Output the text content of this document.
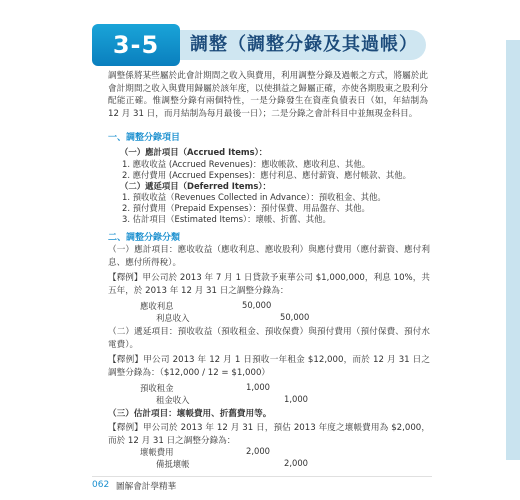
3-5	調整（調整分錄及其過帳）
調整係將某些屬於此會計期間之收入與費用，利用調整分錄及過帳之方式，將屬於此會計期間之收入與費用歸屬於該年度，以使損益之歸屬正確，亦使各期股東之股利分配能正確。惟調整分錄有兩個特性，一是分錄發生在資產負債表日（如，年結制為 12 月 31 日，而月結制為每月最後一日）；二是分錄之會計科目中並無現金科目。
一、調整分錄項目
（一）應計項目（Accrued Items）：
1. 應收收益 (Accrued Revenues)：應收帳款、應收利息、其他。
2. 應付費用 (Accrued Expenses)：應付利息、應付薪資、應付帳款、其他。
（二）遞延項目（Deferred Items）：
1. 預收收益（Revenues Collected in Advance）：預收租金、其他。
2. 預付費用（Prepaid Expenses）：預付保費、用品盤存、其他。
3. 估計項目（Estimated Items）：壞帳、折舊、其他。
二、調整分錄分類
（一）應計項目：應收收益（應收利息、應收股利）與應付費用（應付薪資、應付利息、應付所得稅）。
【釋例】甲公司於 2013 年 7 月 1 日貸款予東華公司 $1,000,000，利息 10%，共五年，於 2013 年 12 月 31 日之調整分錄為：
應收利息	50,000
利息收入	50,000
（二）遞延項目：預收收益（預收租金、預收保費）與預付費用（預付保費、預付水電費）。
【釋例】甲公司 2013 年 12 月 1 日預收一年租金 $12,000，而於 12 月 31 日之調整分錄為：（$12,000 / 12 = $1,000）
預收租金	1,000
租金收入	1,000
（三）估計項目：壞帳費用、折舊費用等。
【釋例】甲公司於 2013 年 12 月 31 日，預估 2013 年度之壞帳費用為 $2,000，而於 12 月 31 日之調整分錄為：
壞帳費用	2,000
備抵壞帳	2,000
062 圖解會計學精華
